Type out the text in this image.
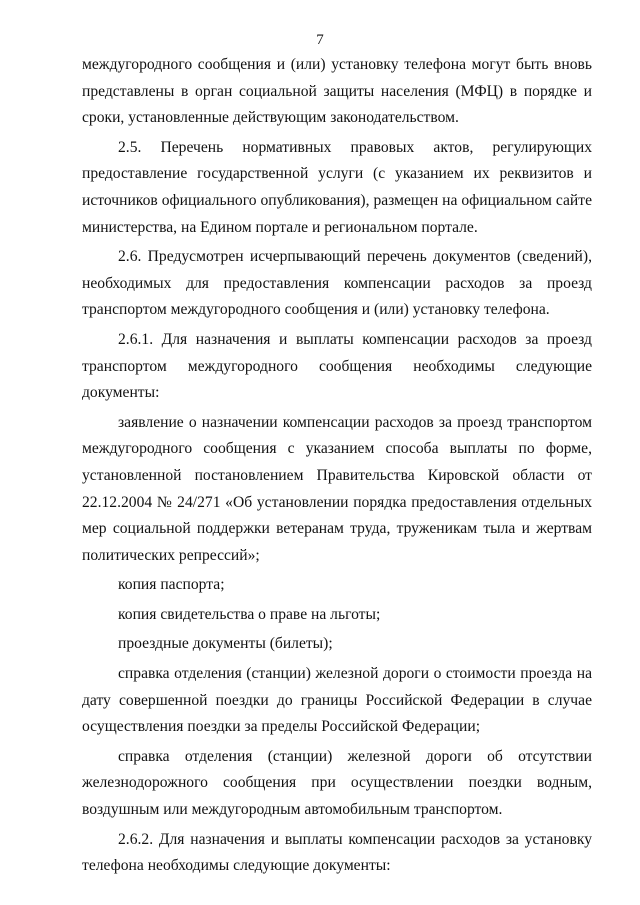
7

междугородного сообщения и (или) установку телефона могут быть вновь представлены в орган социальной защиты населения (МФЦ) в порядке и сроки, установленные действующим законодательством.

2.5. Перечень нормативных правовых актов, регулирующих предоставление государственной услуги (с указанием их реквизитов и источников официального опубликования), размещен на официальном сайте министерства, на Едином портале и региональном портале.

2.6. Предусмотрен исчерпывающий перечень документов (сведений), необходимых для предоставления компенсации расходов за проезд транспортом междугородного сообщения и (или) установку телефона.

2.6.1. Для назначения и выплаты компенсации расходов за проезд транспортом междугородного сообщения необходимы следующие документы:

заявление о назначении компенсации расходов за проезд транспортом междугородного сообщения с указанием способа выплаты по форме, установленной постановлением Правительства Кировской области от 22.12.2004 № 24/271 «Об установлении порядка предоставления отдельных мер социальной поддержки ветеранам труда, труженикам тыла и жертвам политических репрессий»;

копия паспорта;

копия свидетельства о праве на льготы;

проездные документы (билеты);

справка отделения (станции) железной дороги о стоимости проезда на дату совершенной поездки до границы Российской Федерации в случае осуществления поездки за пределы Российской Федерации;

справка отделения (станции) железной дороги об отсутствии железнодорожного сообщения при осуществлении поездки водным, воздушным или междугородным автомобильным транспортом.

2.6.2. Для назначения и выплаты компенсации расходов за установку телефона необходимы следующие документы:
